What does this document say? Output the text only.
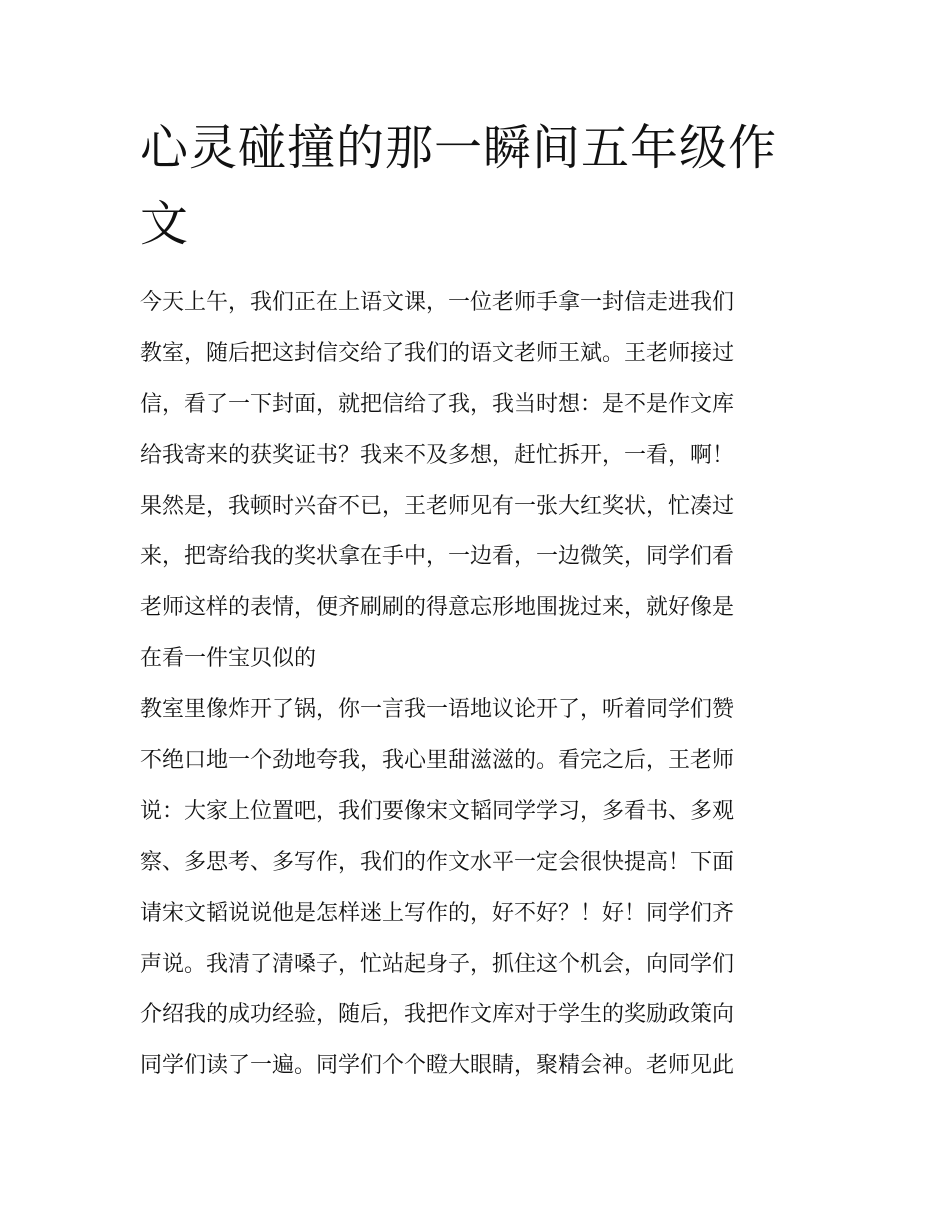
心灵碰撞的那一瞬间五年级作
文
今天上午，我们正在上语文课，一位老师手拿一封信走进我们
教室，随后把这封信交给了我们的语文老师王斌。王老师接过
信，看了一下封面，就把信给了我，我当时想：是不是作文库
给我寄来的获奖证书？我来不及多想，赶忙拆开，一看，啊！
果然是，我顿时兴奋不已，王老师见有一张大红奖状，忙凑过
来，把寄给我的奖状拿在手中，一边看，一边微笑，同学们看
老师这样的表情，便齐刷刷的得意忘形地围拢过来，就好像是
在看一件宝贝似的
教室里像炸开了锅，你一言我一语地议论开了，听着同学们赞
不绝口地一个劲地夸我，我心里甜滋滋的。看完之后，王老师
说：大家上位置吧，我们要像宋文韬同学学习，多看书、多观
察、多思考、多写作，我们的作文水平一定会很快提高！下面
请宋文韬说说他是怎样迷上写作的，好不好？！好！同学们齐
声说。我清了清嗓子，忙站起身子，抓住这个机会，向同学们
介绍我的成功经验，随后，我把作文库对于学生的奖励政策向
同学们读了一遍。同学们个个瞪大眼睛，聚精会神。老师见此
